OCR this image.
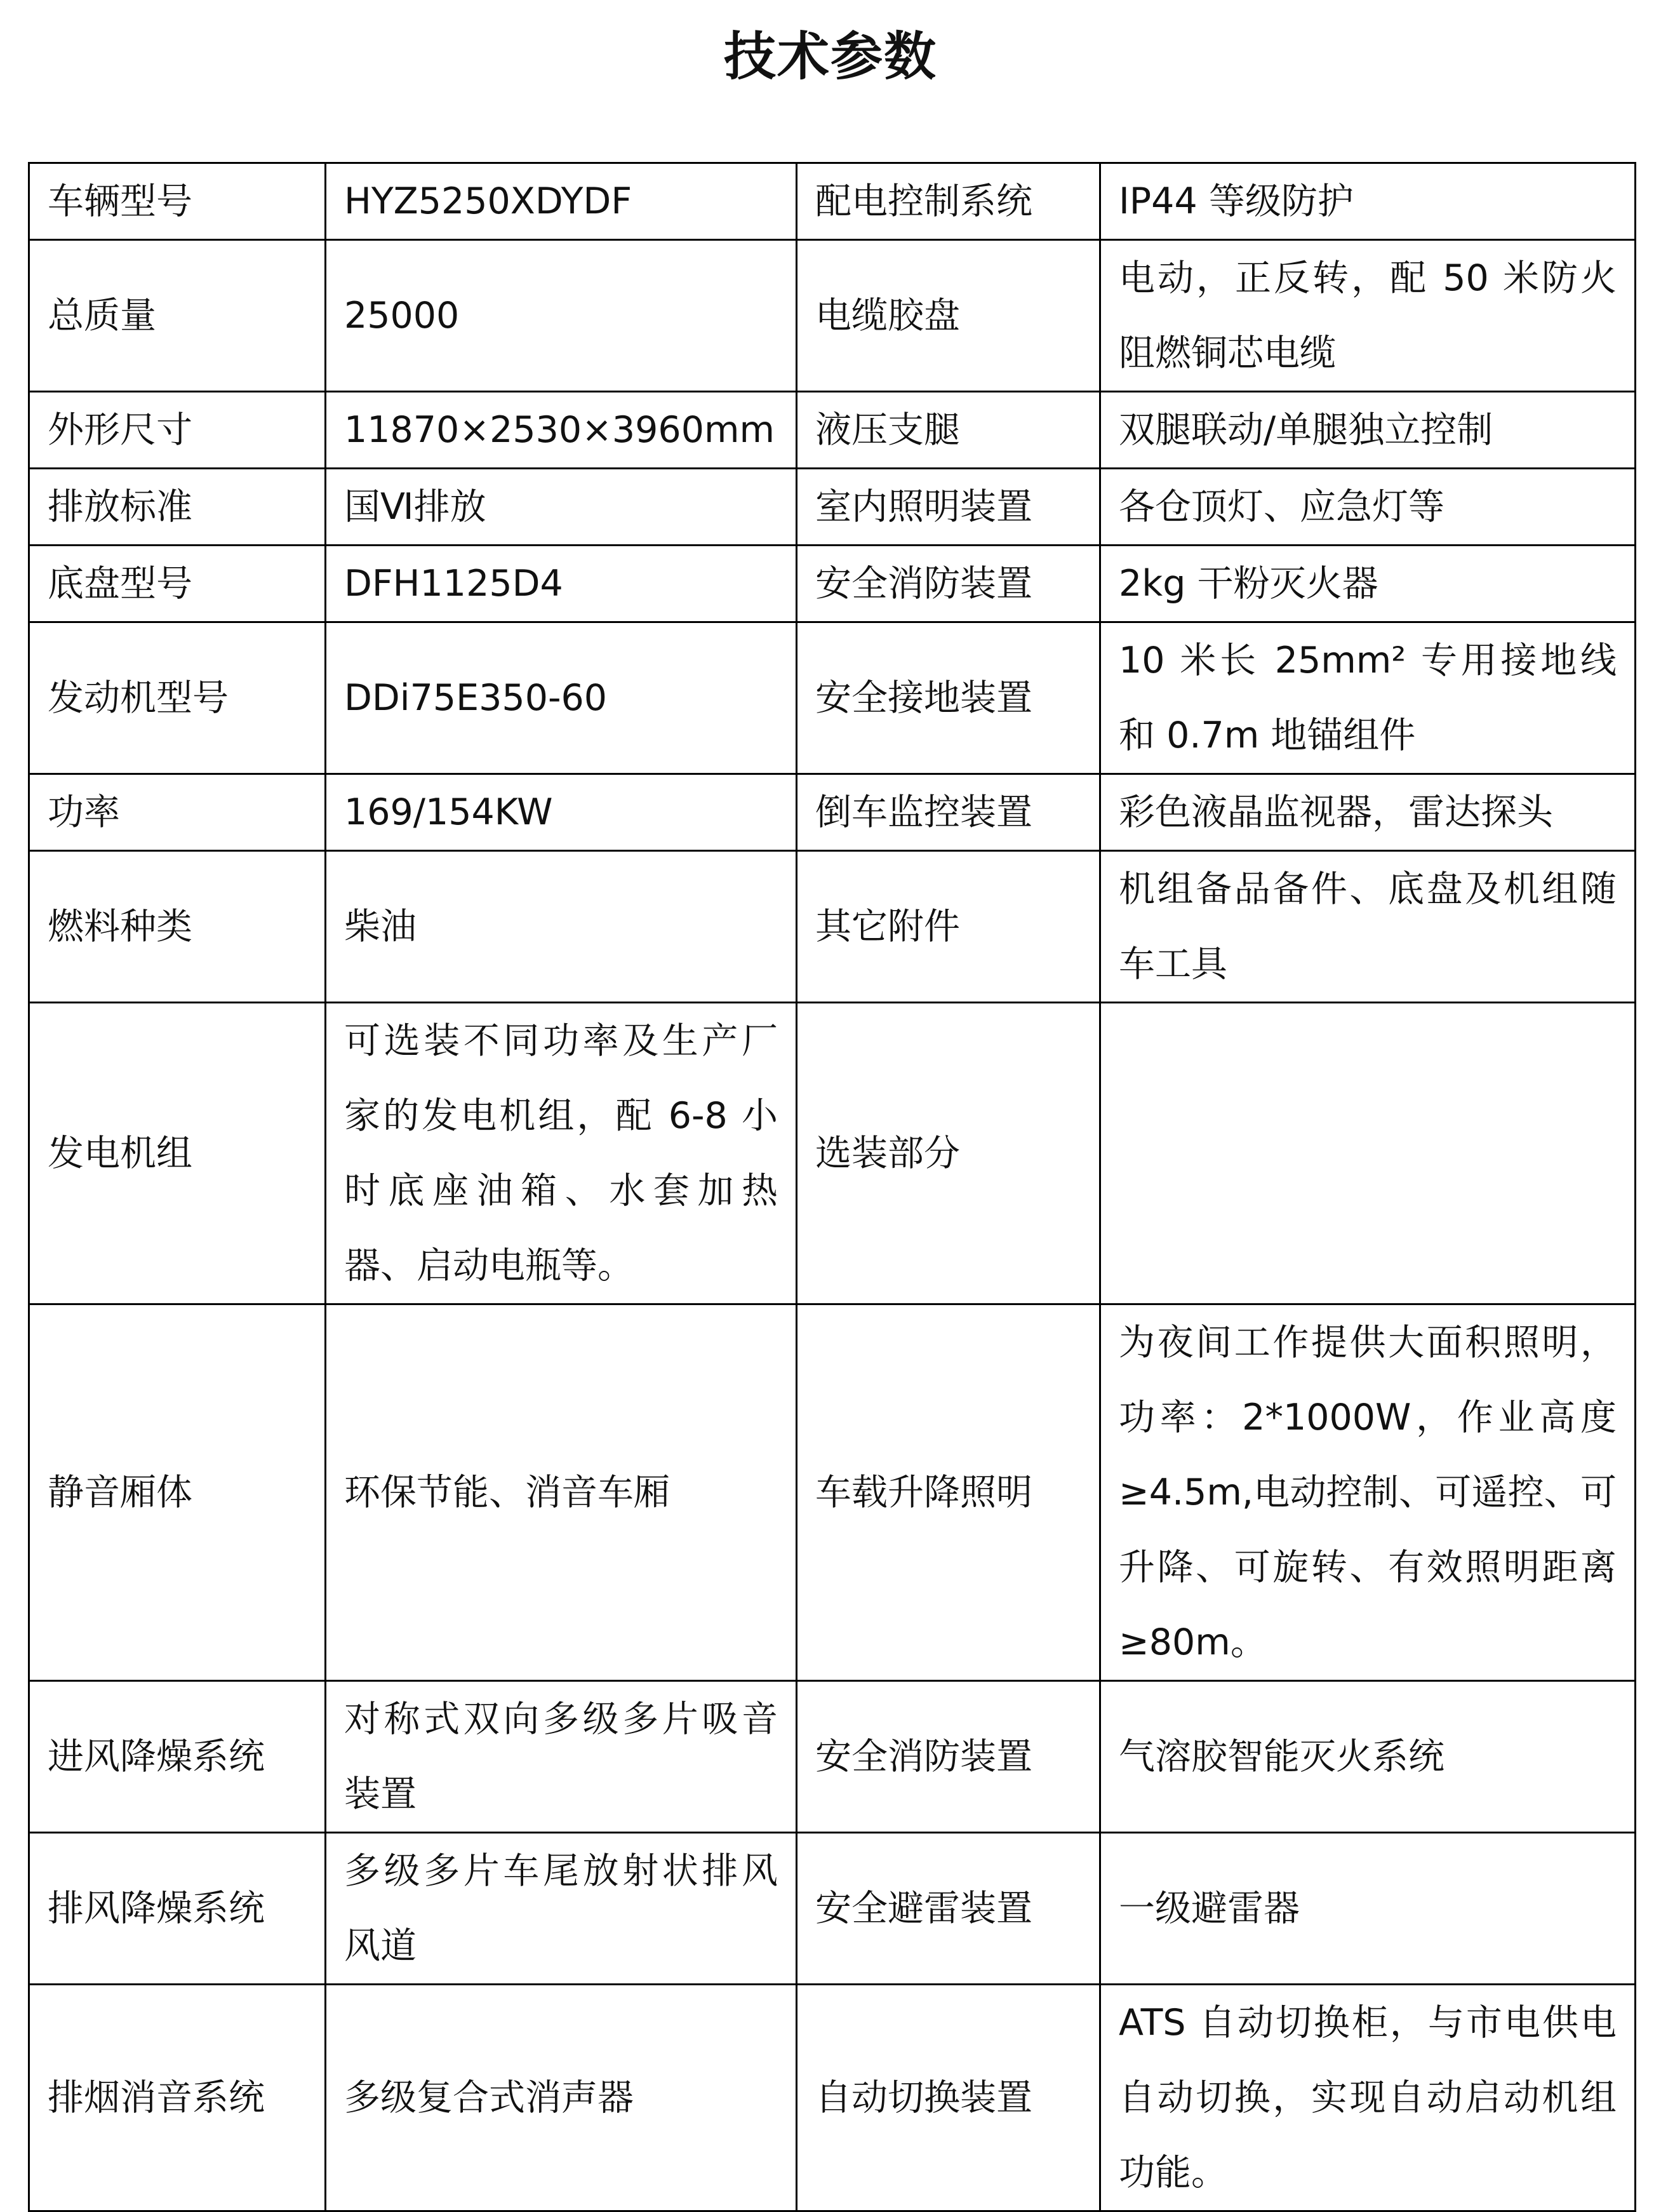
技术参数
车辆型号	HYZ5250XDYDF	配电控制系统	IP44 等级防护
总质量	25000	电缆胶盘	电动，正反转，配 50 米防火阻燃铜芯电缆
外形尺寸	11870×2530×3960mm	液压支腿	双腿联动/单腿独立控制
排放标准	国Ⅵ排放	室内照明装置	各仓顶灯、应急灯等
底盘型号	DFH1125D4	安全消防装置	2kg 干粉灭火器
发动机型号	DDi75E350-60	安全接地装置	10 米长 25mm² 专用接地线和 0.7m 地锚组件
功率	169/154KW	倒车监控装置	彩色液晶监视器，雷达探头
燃料种类	柴油	其它附件	机组备品备件、底盘及机组随车工具
发电机组	可选装不同功率及生产厂家的发电机组，配 6-8 小时底座油箱、水套加热器、启动电瓶等。	选装部分	
静音厢体	环保节能、消音车厢	车载升降照明	为夜间工作提供大面积照明，功率：2*1000W，作业高度≥4.5m,电动控制、可遥控、可升降、可旋转、有效照明距离≥80m。
进风降燥系统	对称式双向多级多片吸音装置	安全消防装置	气溶胶智能灭火系统
排风降燥系统	多级多片车尾放射状排风风道	安全避雷装置	一级避雷器
排烟消音系统	多级复合式消声器	自动切换装置	ATS 自动切换柜，与市电供电自动切换，实现自动启动机组功能。
